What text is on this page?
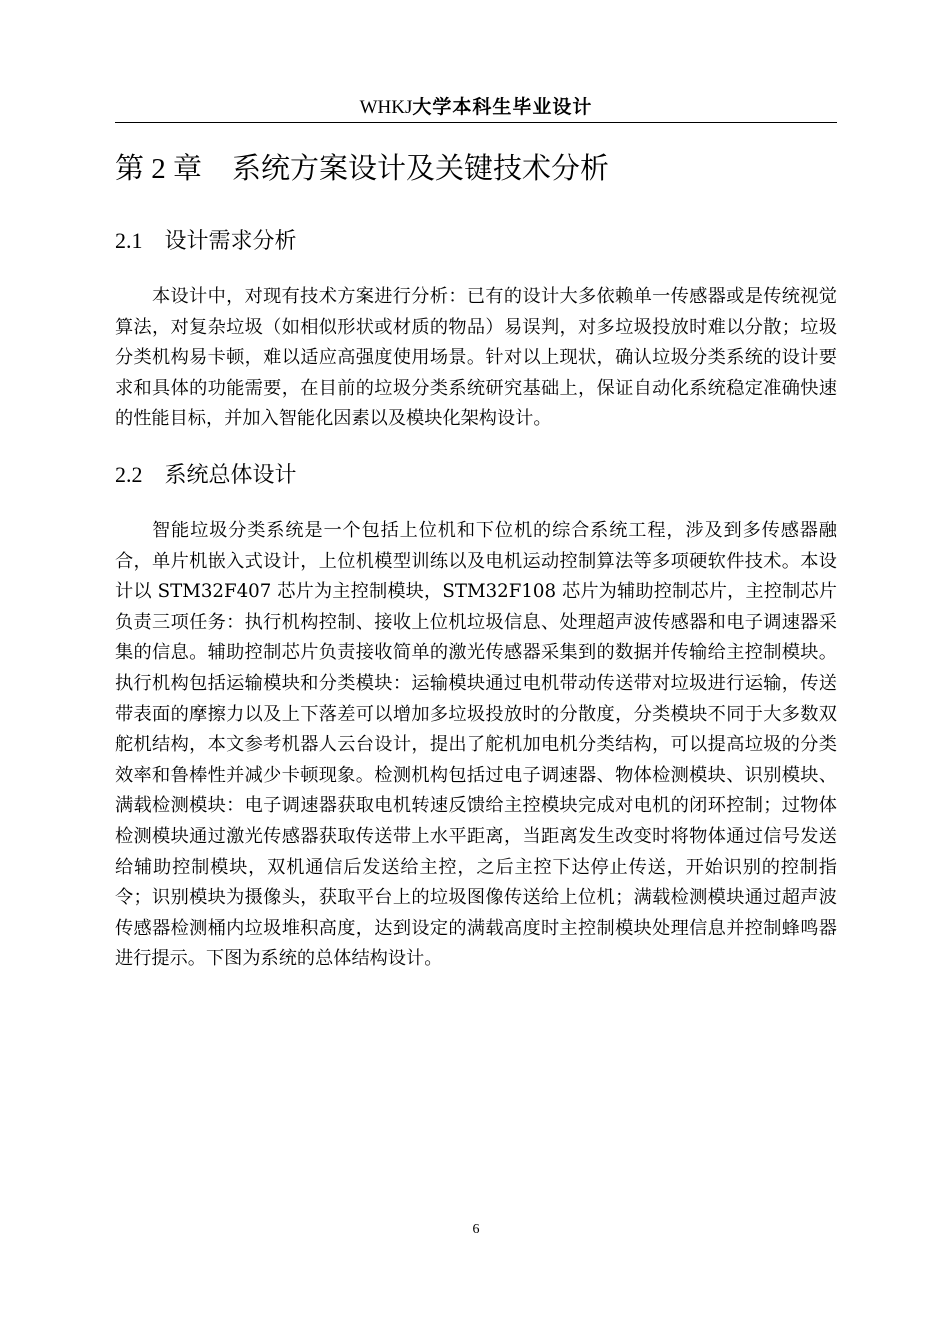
WHKJ大学本科生毕业设计
第 2 章 系统方案设计及关键技术分析
2.1 设计需求分析

本设计中，对现有技术方案进行分析：已有的设计大多依赖单一传感器或是传统视觉算法，对复杂垃圾（如相似形状或材质的物品）易误判，对多垃圾投放时难以分散；垃圾分类机构易卡顿，难以适应高强度使用场景。针对以上现状，确认垃圾分类系统的设计要求和具体的功能需要，在目前的垃圾分类系统研究基础上，保证自动化系统稳定准确快速的性能目标，并加入智能化因素以及模块化架构设计。

2.2 系统总体设计

智能垃圾分类系统是一个包括上位机和下位机的综合系统工程，涉及到多传感器融合，单片机嵌入式设计，上位机模型训练以及电机运动控制算法等多项硬软件技术。本设计以 STM32F407 芯片为主控制模块，STM32F108 芯片为辅助控制芯片，主控制芯片负责三项任务：执行机构控制、接收上位机垃圾信息、处理超声波传感器和电子调速器采集的信息。辅助控制芯片负责接收简单的激光传感器采集到的数据并传输给主控制模块。执行机构包括运输模块和分类模块：运输模块通过电机带动传送带对垃圾进行运输，传送带表面的摩擦力以及上下落差可以增加多垃圾投放时的分散度，分类模块不同于大多数双舵机结构，本文参考机器人云台设计，提出了舵机加电机分类结构，可以提高垃圾的分类效率和鲁棒性并减少卡顿现象。检测机构包括过电子调速器、物体检测模块、识别模块、满载检测模块：电子调速器获取电机转速反馈给主控模块完成对电机的闭环控制；过物体检测模块通过激光传感器获取传送带上水平距离，当距离发生改变时将物体通过信号发送给辅助控制模块，双机通信后发送给主控，之后主控下达停止传送，开始识别的控制指令；识别模块为摄像头，获取平台上的垃圾图像传送给上位机；满载检测模块通过超声波传感器检测桶内垃圾堆积高度，达到设定的满载高度时主控制模块处理信息并控制蜂鸣器进行提示。下图为系统的总体结构设计。

6
